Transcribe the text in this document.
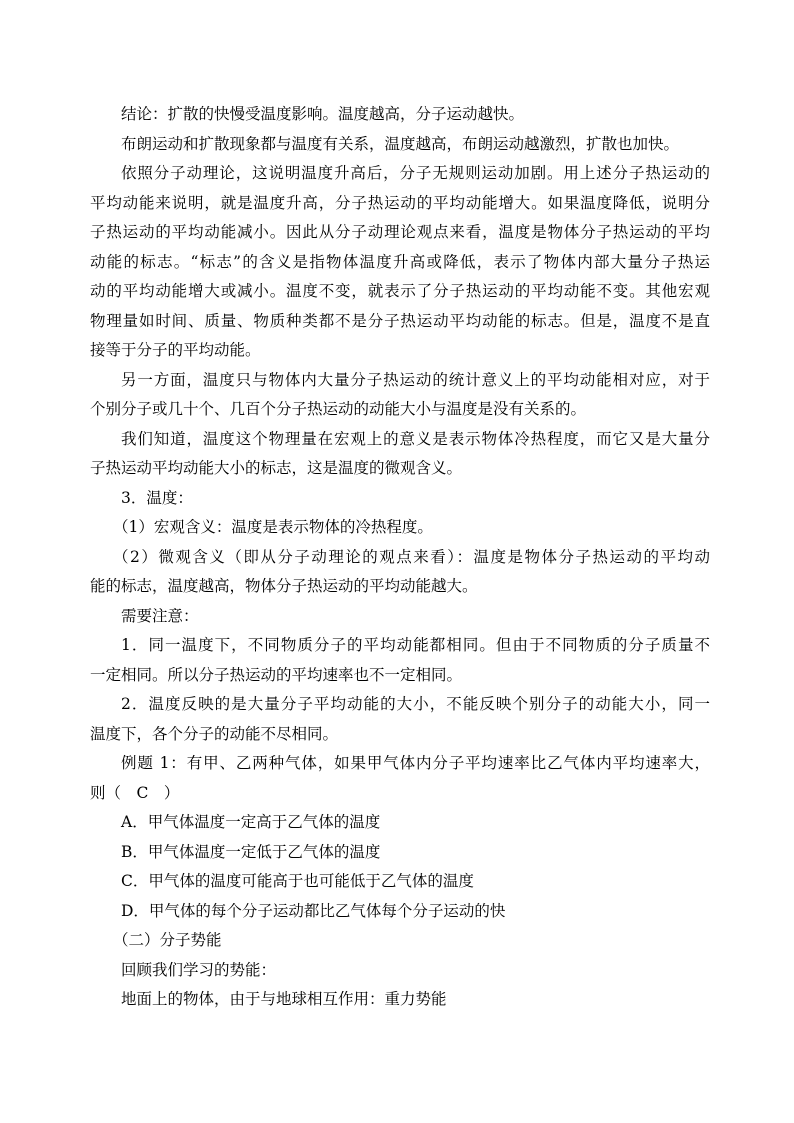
结论：扩散的快慢受温度影响。温度越高，分子运动越快。
布朗运动和扩散现象都与温度有关系，温度越高，布朗运动越激烈，扩散也加快。
依照分子动理论，这说明温度升高后，分子无规则运动加剧。用上述分子热运动的
平均动能来说明，就是温度升高，分子热运动的平均动能增大。如果温度降低，说明分
子热运动的平均动能减小。因此从分子动理论观点来看，温度是物体分子热运动的平均
动能的标志。“标志”的含义是指物体温度升高或降低，表示了物体内部大量分子热运
动的平均动能增大或减小。温度不变，就表示了分子热运动的平均动能不变。其他宏观
物理量如时间、质量、物质种类都不是分子热运动平均动能的标志。但是，温度不是直
接等于分子的平均动能。
另一方面，温度只与物体内大量分子热运动的统计意义上的平均动能相对应，对于
个别分子或几十个、几百个分子热运动的动能大小与温度是没有关系的。
我们知道，温度这个物理量在宏观上的意义是表示物体冷热程度，而它又是大量分
子热运动平均动能大小的标志，这是温度的微观含义。
3．温度：
（1）宏观含义：温度是表示物体的冷热程度。
（2）微观含义（即从分子动理论的观点来看）：温度是物体分子热运动的平均动
能的标志，温度越高，物体分子热运动的平均动能越大。
需要注意：
1．同一温度下，不同物质分子的平均动能都相同。但由于不同物质的分子质量不
一定相同。所以分子热运动的平均速率也不一定相同。
2．温度反映的是大量分子平均动能的大小，不能反映个别分子的动能大小，同一
温度下，各个分子的动能不尽相同。
例题 1：有甲、乙两种气体，如果甲气体内分子平均速率比乙气体内平均速率大，
则（　C　）
A．甲气体温度一定高于乙气体的温度
B．甲气体温度一定低于乙气体的温度
C．甲气体的温度可能高于也可能低于乙气体的温度
D．甲气体的每个分子运动都比乙气体每个分子运动的快
（二）分子势能
回顾我们学习的势能：
地面上的物体，由于与地球相互作用：重力势能
